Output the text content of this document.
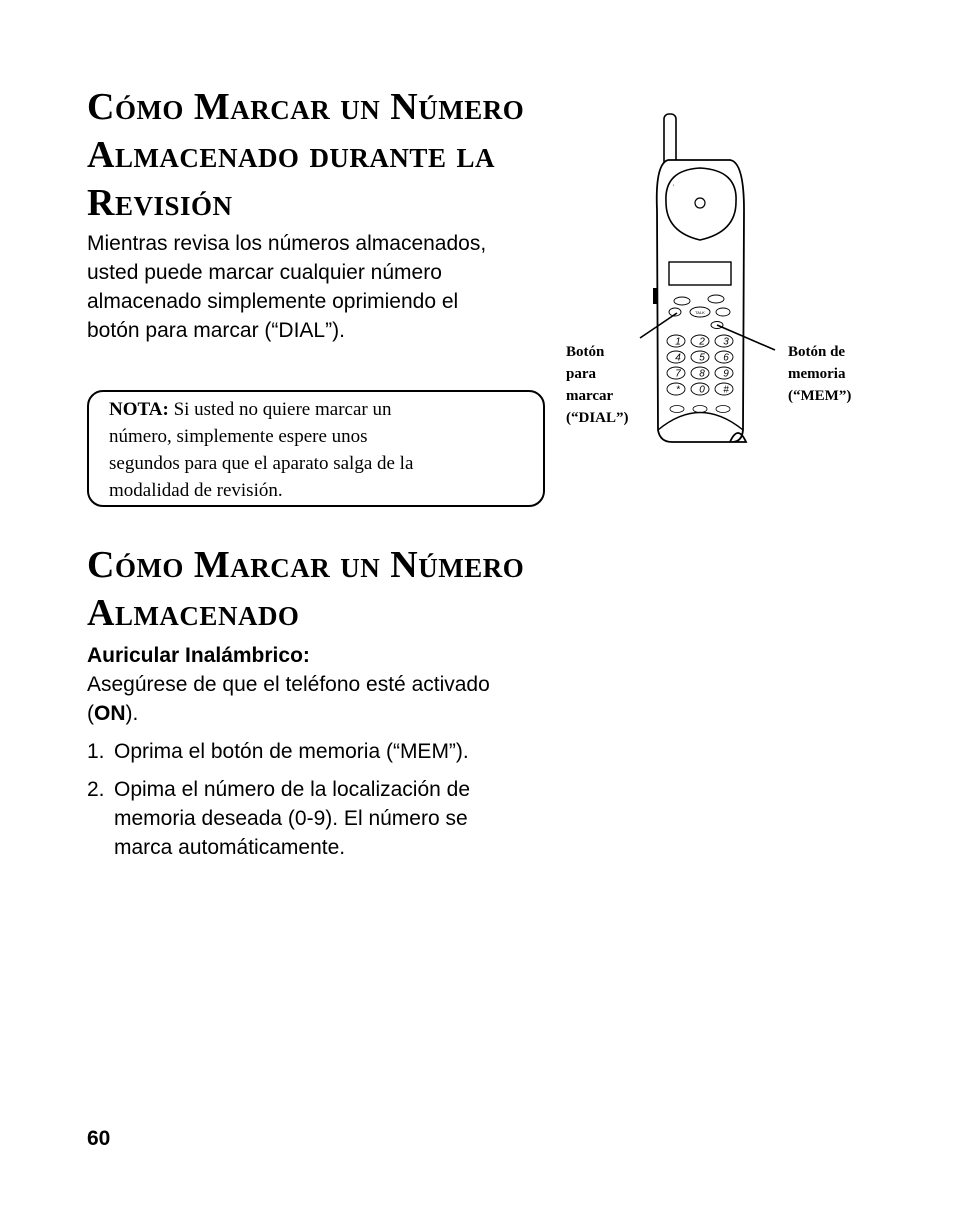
Cómo Marcar un Número
Almacenado durante la
Revisión

Mientras revisa los números almacenados,
usted puede marcar cualquier número
almacenado simplemente oprimiendo el
botón para marcar (“DIAL”).

NOTA: Si usted no quiere marcar un
número, simplemente espere unos
segundos para que el aparato salga de la
modalidad de revisión.
TALK
1 2 3
4 5 6
7 8 9
* 0 #
Botón
para
marcar
(“DIAL”)
Botón de
memoria
(“MEM”)
Cómo Marcar un Número
Almacenado
Auricular Inalámbrico:
Asegúrese de que el teléfono esté activado
(ON).
1. Oprima el botón de memoria (“MEM”).
2. Opima el número de la localización de
memoria deseada (0-9). El número se
marca automáticamente.
60
